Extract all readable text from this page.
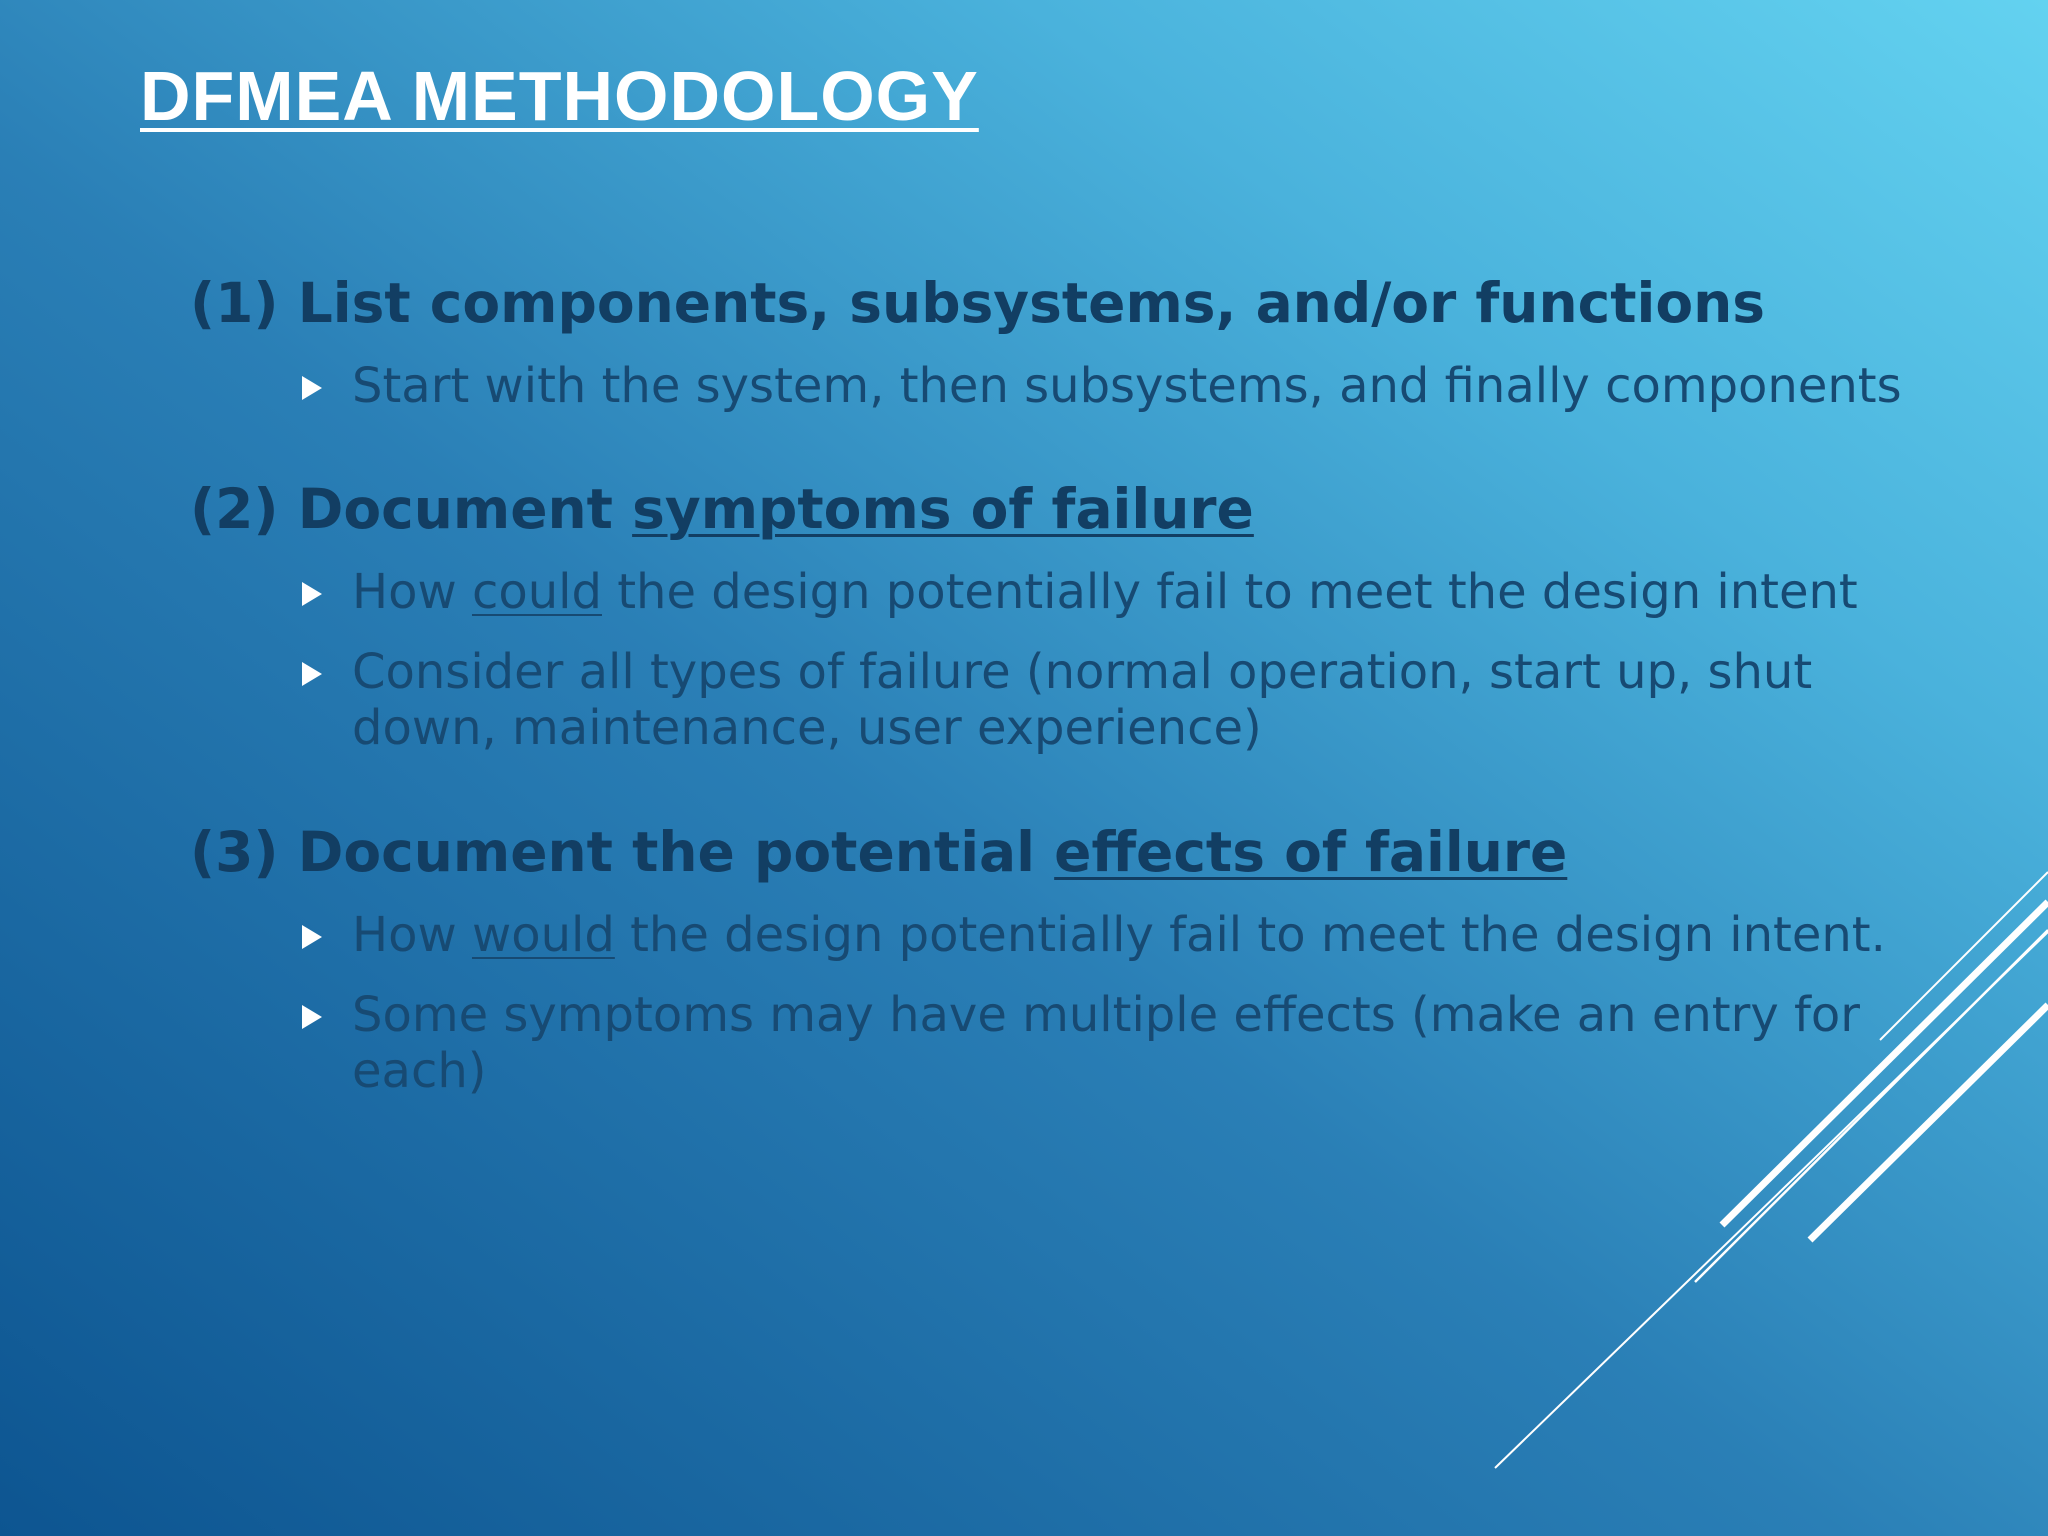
DFMEA METHODOLOGY
(1) List components, subsystems, and/or functions
Start with the system, then subsystems, and finally components
(2) Document symptoms of failure
How could the design potentially fail to meet the design intent
Consider all types of failure (normal operation, start up, shut down, maintenance, user experience)
(3) Document the potential effects of failure
How would the design potentially fail to meet the design intent.
Some symptoms may have multiple effects (make an entry for each)
